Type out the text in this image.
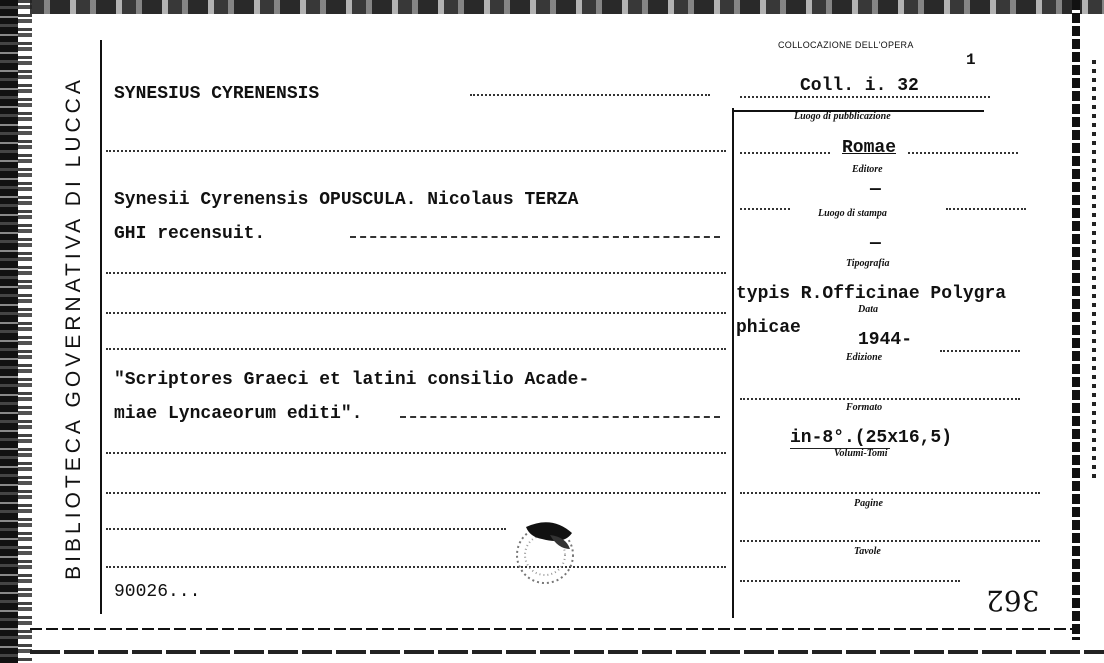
BIBLIOTECA GOVERNATIVA DI LUCCA SYNESIUS CYRENENSIS
Synesii Cyrenensis OPUSCULA. Nicolaus TERZA
GHI recensuit.
"Scriptores Graeci et latini consilio Acade-
miae Lyncaeorum editi".
90026...
COLLOCAZIONE DELL'OPERA
1
Coll. i. 32
Luogo di pubblicazione
Romae
Editore
—
Luogo di stampa
—
Tipografia
typis R.Officinae Polygra
Data
phicae
1944-
Edizione
Formato
in-8°.(25x16,5)
Volumi-Tomi
Pagine
Tavole
362
